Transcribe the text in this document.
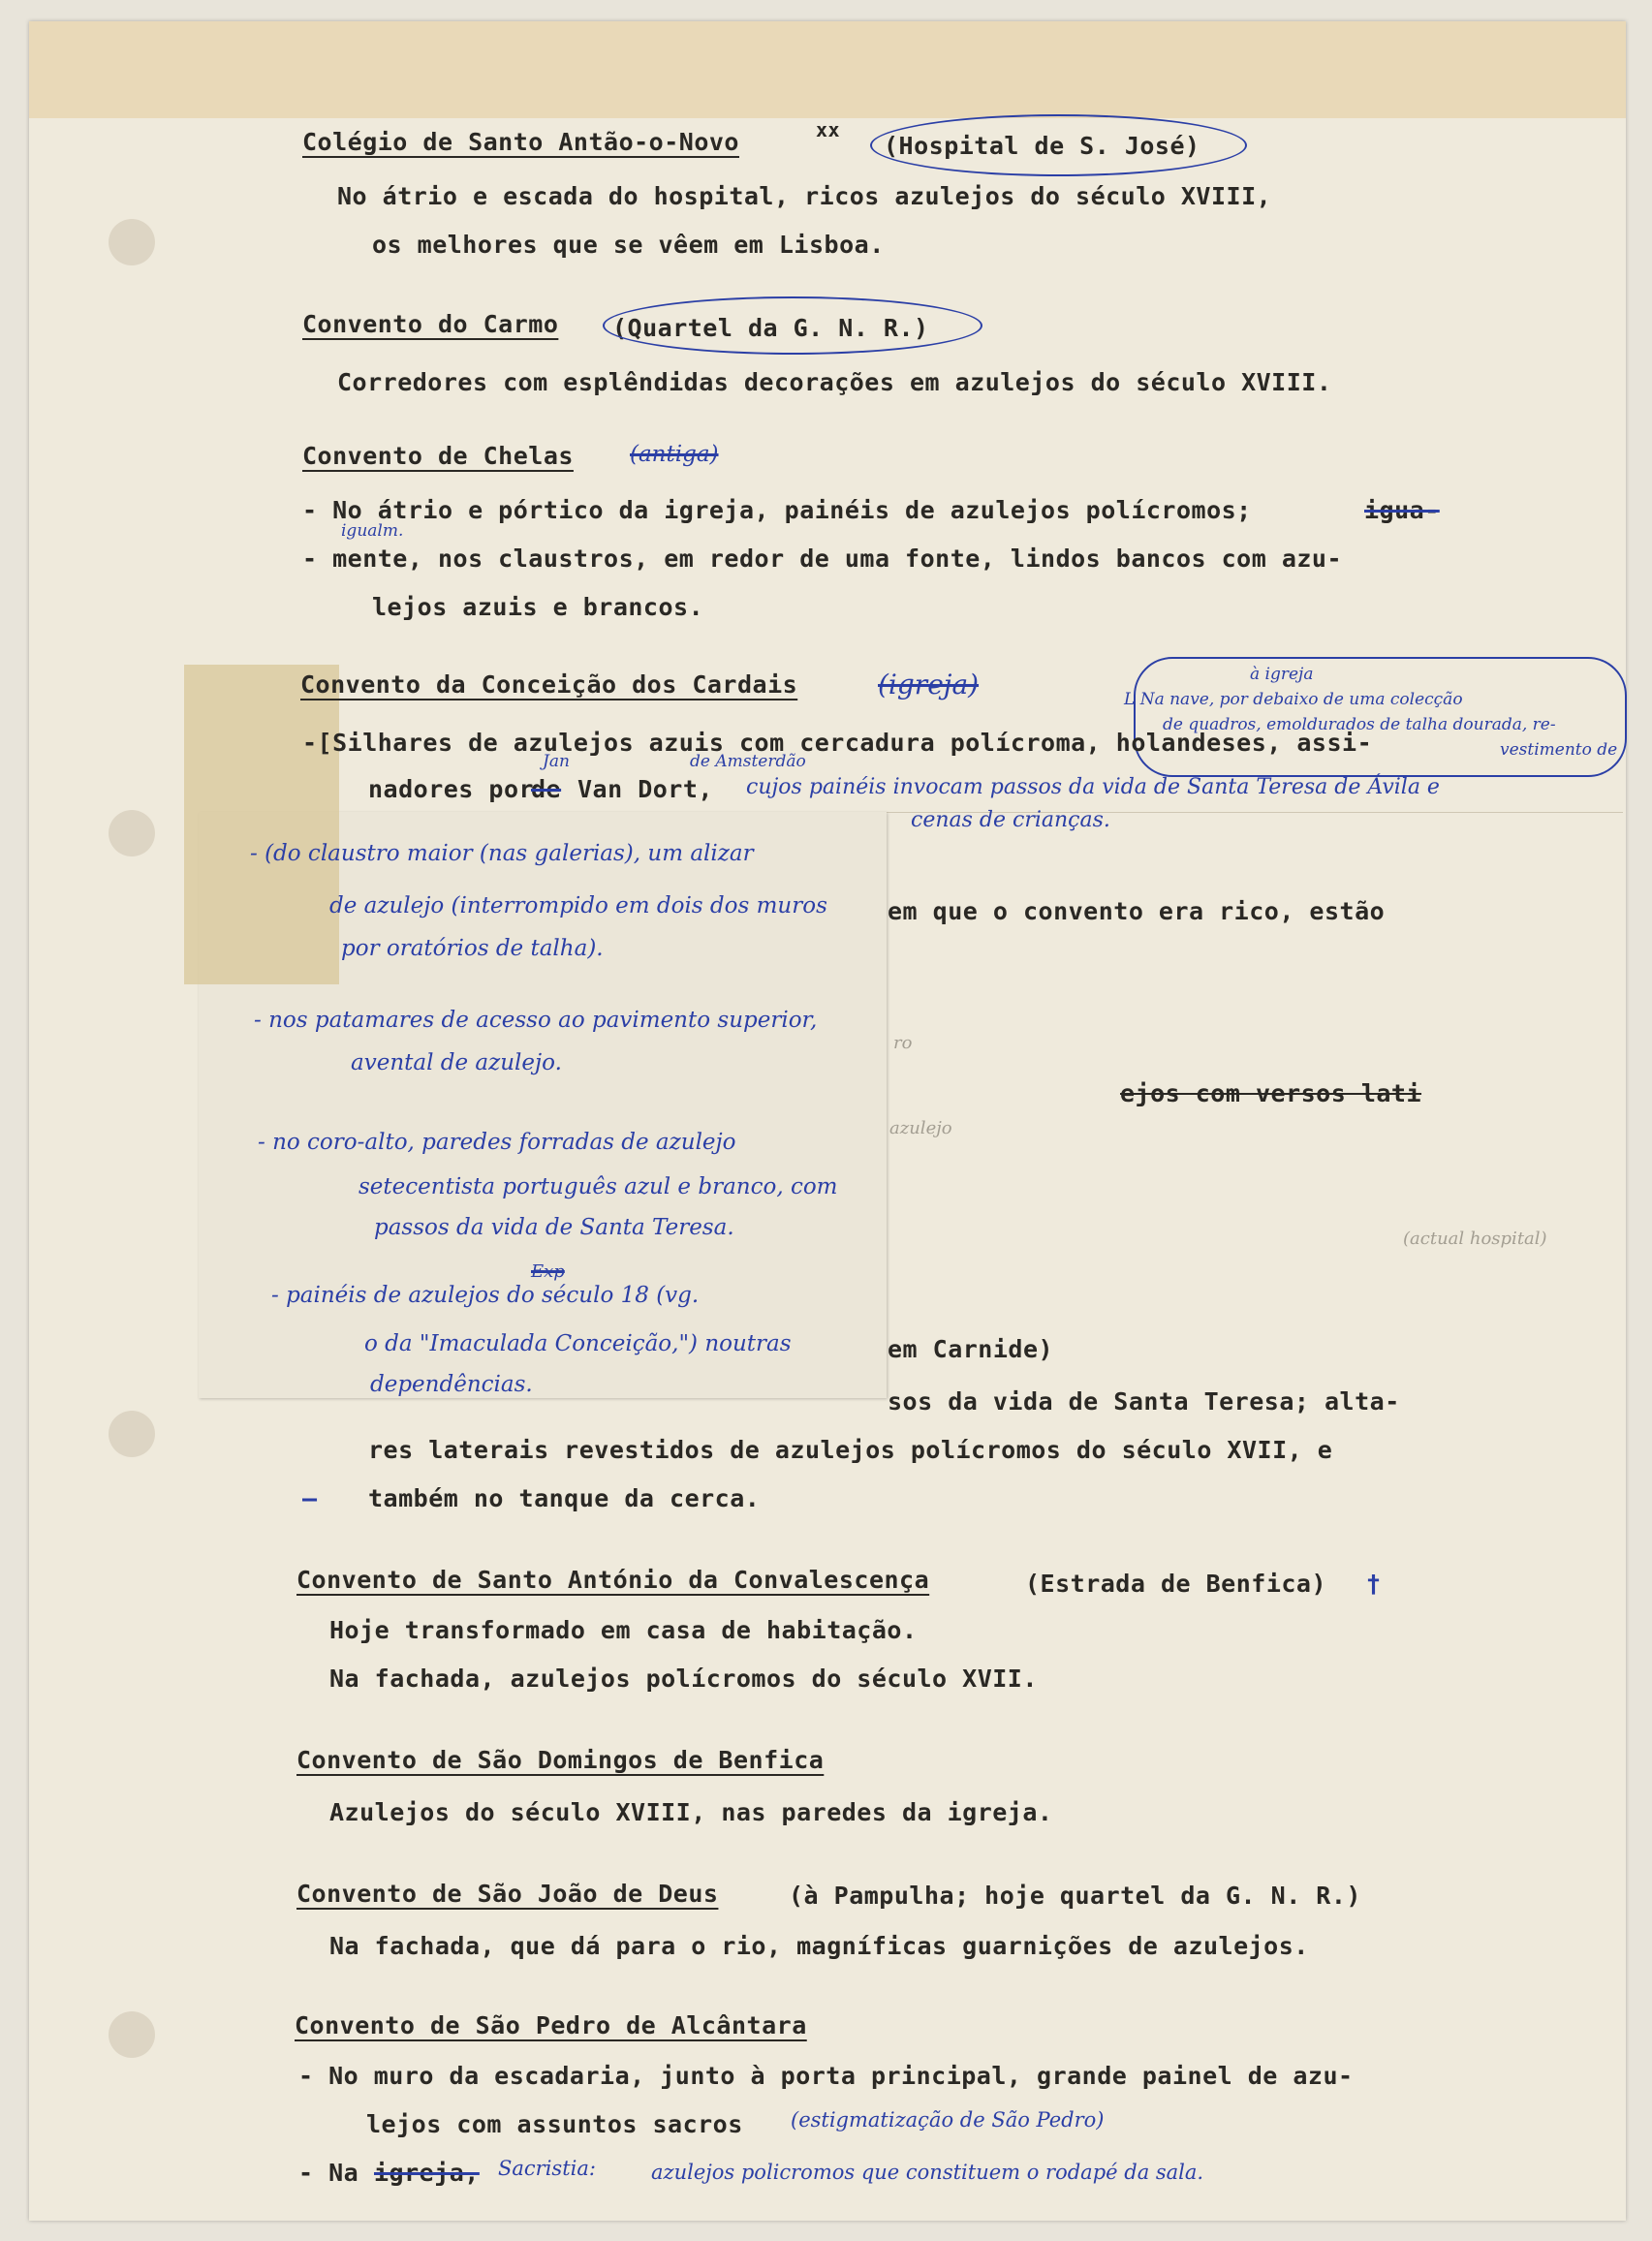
Colégio de Santo Antão-o-Novo	xx
(Hospital de S. José)
No átrio e escada do hospital, ricos azulejos do século XVIII,
os melhores que se vêem em Lisboa.
Convento do Carmo (Quartel da G. N. R.)
Corredores com esplêndidas decorações em azulejos do século XVIII.
Convento de Chelas	(antiga)
- No átrio e pórtico da igreja, painéis de azulejos polícromos;	igua-
igualm.
- mente, nos claustros, em redor de uma fonte, lindos bancos com azu-
lejos azuis e brancos.
Convento da Conceição dos Cardais	(igreja)	à igreja
L Na nave, por debaixo de uma colecção
de quadros, emoldurados de talha dourada, re-
vestimento de
-[Silhares de azulejos azuis com cercadura polícroma, holandeses, assi-
nadores por
de Van Dort,
Jan	de Amsterdão
cujos painéis invocam passos da vida de Santa Teresa de Ávila e
cenas de crianças.
em que o convento era rico, estão
ejos com versos lati
em Carnide)
sos da vida de Santa Teresa; alta-
res laterais revestidos de azulejos polícromos do século XVII, e
— também no tanque da cerca.
ro
azulejo
(actual hospital)
- (do claustro maior (nas galerias), um alizar
de azulejo (interrompido em dois dos muros
por oratórios de talha).
- nos patamares de acesso ao pavimento superior,
avental de azulejo.
- no coro-alto, paredes forradas de azulejo
setecentista português azul e branco, com
passos da vida de Santa Teresa.
- painéis de azulejos do século 18 (vg.
Exp
o da "Imaculada Conceição,") noutras
dependências.
Convento de Santo António da Convalescença	(Estrada de Benfica) †
Hoje transformado em casa de habitação.
Na fachada, azulejos polícromos do século XVII.
Convento de São Domingos de Benfica
Azulejos do século XVIII, nas paredes da igreja.
Convento de São João de Deus	(à Pampulha; hoje quartel da G. N. R.)
Na fachada, que dá para o rio, magníficas guarnições de azulejos.
Convento de São Pedro de Alcântara
- No muro da escadaria, junto à porta principal, grande painel de azu-
lejos com assuntos sacros (estigmatização de São Pedro)
- Na igreja, Sacristia:	azulejos policromos que constituem o rodapé da sala.
